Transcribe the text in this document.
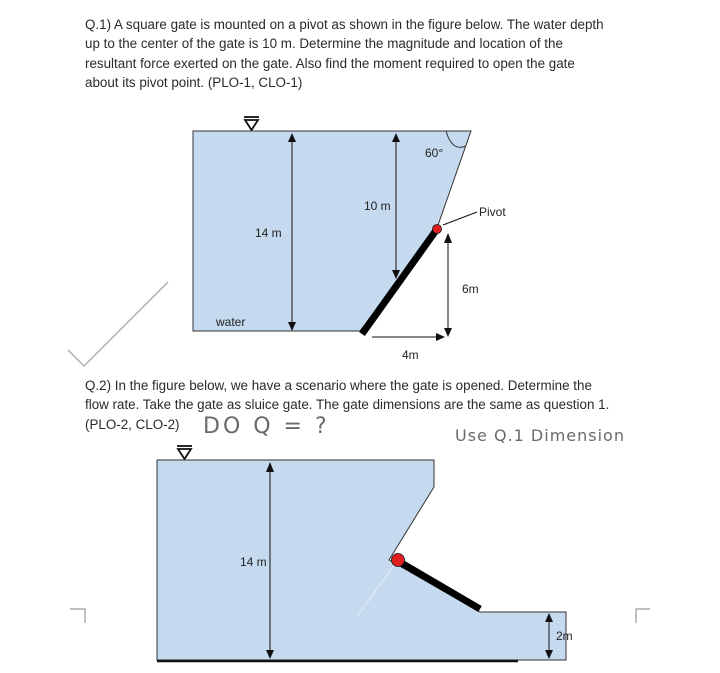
Q.1) A square gate is mounted on a pivot as shown in the figure below. The water depth
up to the center of the gate is 10 m. Determine the magnitude and location of the
resultant force exerted on the gate. Also find the moment required to open the gate
about its pivot point. (PLO-1, CLO-1)
60°
14 m
10 m	Pivot
6m
4m
water
14 m
2m
Q.2) In the figure below, we have a scenario where the gate is opened. Determine the
flow rate. Take the gate as sluice gate. The gate dimensions are the same as question 1.
(PLO-2, CLO-2)	DO Q = ?	Use Q.1 Dimension
